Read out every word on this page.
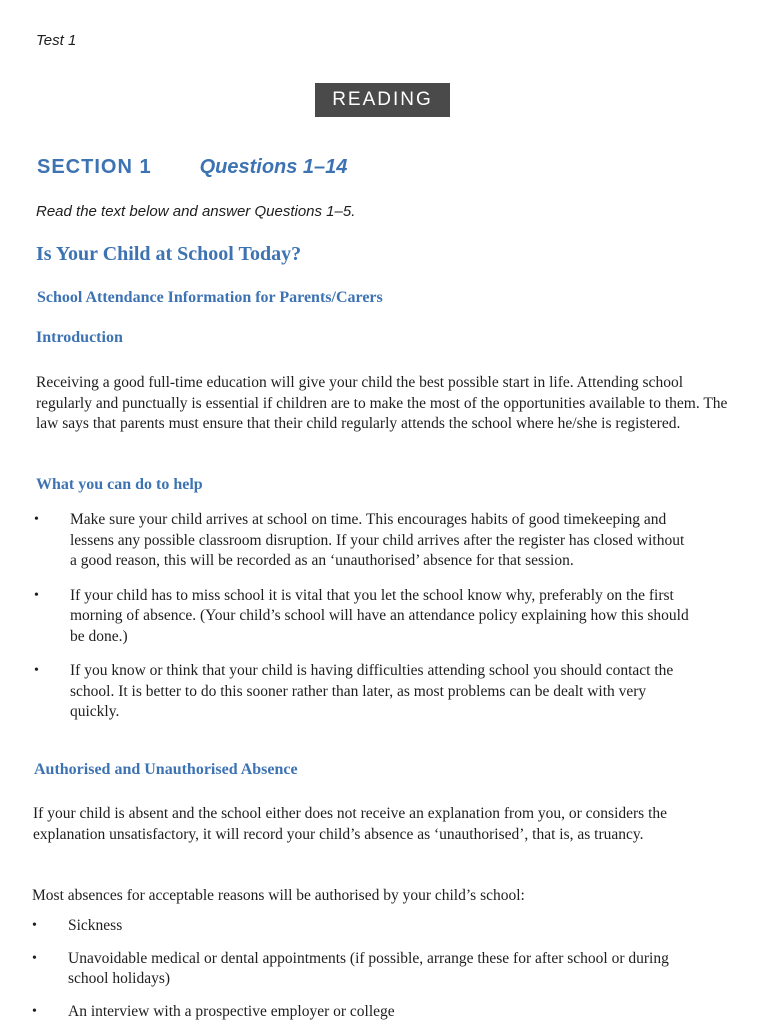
Test 1
READING
SECTION 1 Questions 1–14
Read the text below and answer Questions 1–5.
Is Your Child at School Today?
School Attendance Information for Parents/Carers
Introduction

Receiving a good full-time education will give your child the best possible start in life. Attending school regularly and punctually is essential if children are to make the most of the opportunities available to them. The law says that parents must ensure that their child regularly attends the school where he/she is registered.

What you can do to help
• Make sure your child arrives at school on time. This encourages habits of good timekeeping and lessens any possible classroom disruption. If your child arrives after the register has closed without a good reason, this will be recorded as an ‘unauthorised’ absence for that session.
• If your child has to miss school it is vital that you let the school know why, preferably on the first morning of absence. (Your child’s school will have an attendance policy explaining how this should be done.)
• If you know or think that your child is having difficulties attending school you should contact the school. It is better to do this sooner rather than later, as most problems can be dealt with very quickly.
Authorised and Unauthorised Absence

If your child is absent and the school either does not receive an explanation from you, or considers the explanation unsatisfactory, it will record your child’s absence as ‘unauthorised’, that is, as truancy.

Most absences for acceptable reasons will be authorised by your child’s school:

• Sickness
• Unavoidable medical or dental appointments (if possible, arrange these for after school or during school holidays)
• An interview with a prospective employer or college
